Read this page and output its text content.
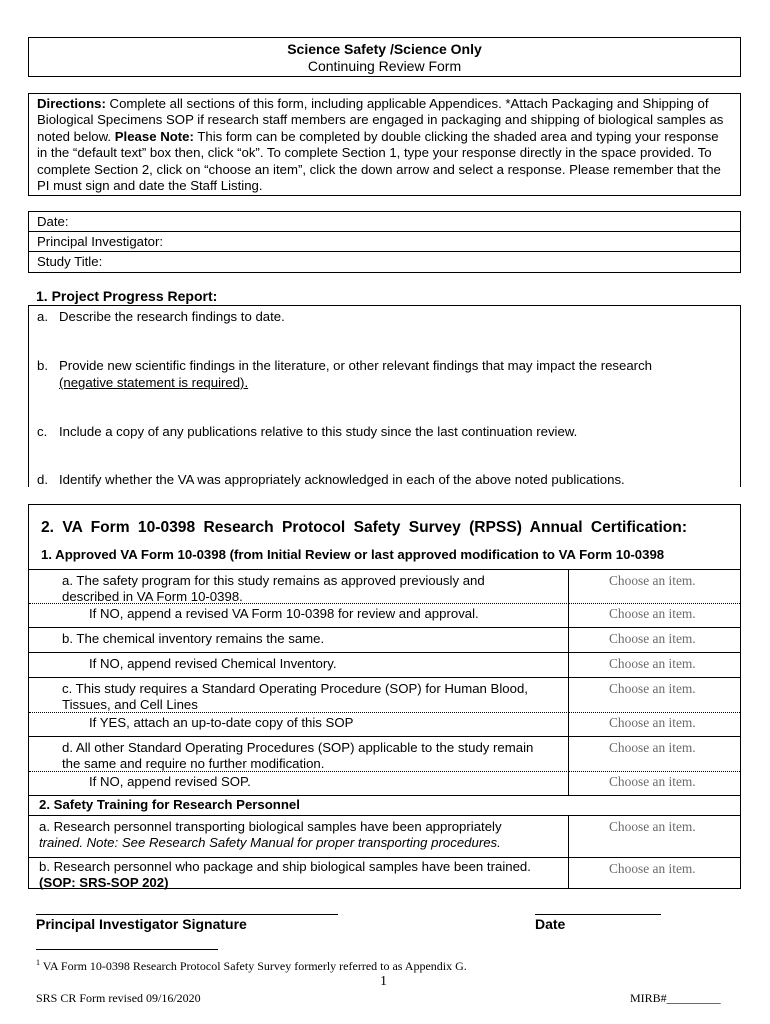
Science Safety /Science Only
Continuing Review Form
Directions: Complete all sections of this form, including applicable Appendices. *Attach Packaging and Shipping of Biological Specimens SOP if research staff members are engaged in packaging and shipping of biological samples as noted below. Please Note: This form can be completed by double clicking the shaded area and typing your response in the “default text” box then, click “ok”. To complete Section 1, type your response directly in the space provided. To complete Section 2, click on “choose an item”, click the down arrow and select a response. Please remember that the PI must sign and date the Staff Listing.
Date:
Principal Investigator:
Study Title:
1. Project Progress Report:
a. Describe the research findings to date.
b. Provide new scientific findings in the literature, or other relevant findings that may impact the research
(negative statement is required).
c. Include a copy of any publications relative to this study since the last continuation review.
d. Identify whether the VA was appropriately acknowledged in each of the above noted publications.
2. VA Form 10-0398 Research Protocol Safety Survey (RPSS) Annual Certification:
1. Approved VA Form 10-0398 (from Initial Review or last approved modification to VA Form 10-0398
a. The safety program for this study remains as approved previously and
described in VA Form 10-0398.
If NO, append a revised VA Form 10-0398 for review and approval.
Choose an item.
Choose an item.
b. The chemical inventory remains the same.
If NO, append revised Chemical Inventory.
Choose an item.
Choose an item.
c. This study requires a Standard Operating Procedure (SOP) for Human Blood,
Tissues, and Cell Lines
If YES, attach an up-to-date copy of this SOP
Choose an item.
Choose an item.
d. All other Standard Operating Procedures (SOP) applicable to the study remain
the same and require no further modification.
If NO, append revised SOP.
Choose an item.
Choose an item.
2. Safety Training for Research Personnel
a. Research personnel transporting biological samples have been appropriately
trained. Note: See Research Safety Manual for proper transporting procedures.
Choose an item.
b. Research personnel who package and ship biological samples have been trained.
(SOP: SRS-SOP 202)
Choose an item.
Principal Investigator Signature	Date
$^1$ VA Form 10-0398 Research Protocol Safety Survey formerly referred to as Appendix G.
1
SRS CR Form revised 09/16/2020	MIRB#_________
